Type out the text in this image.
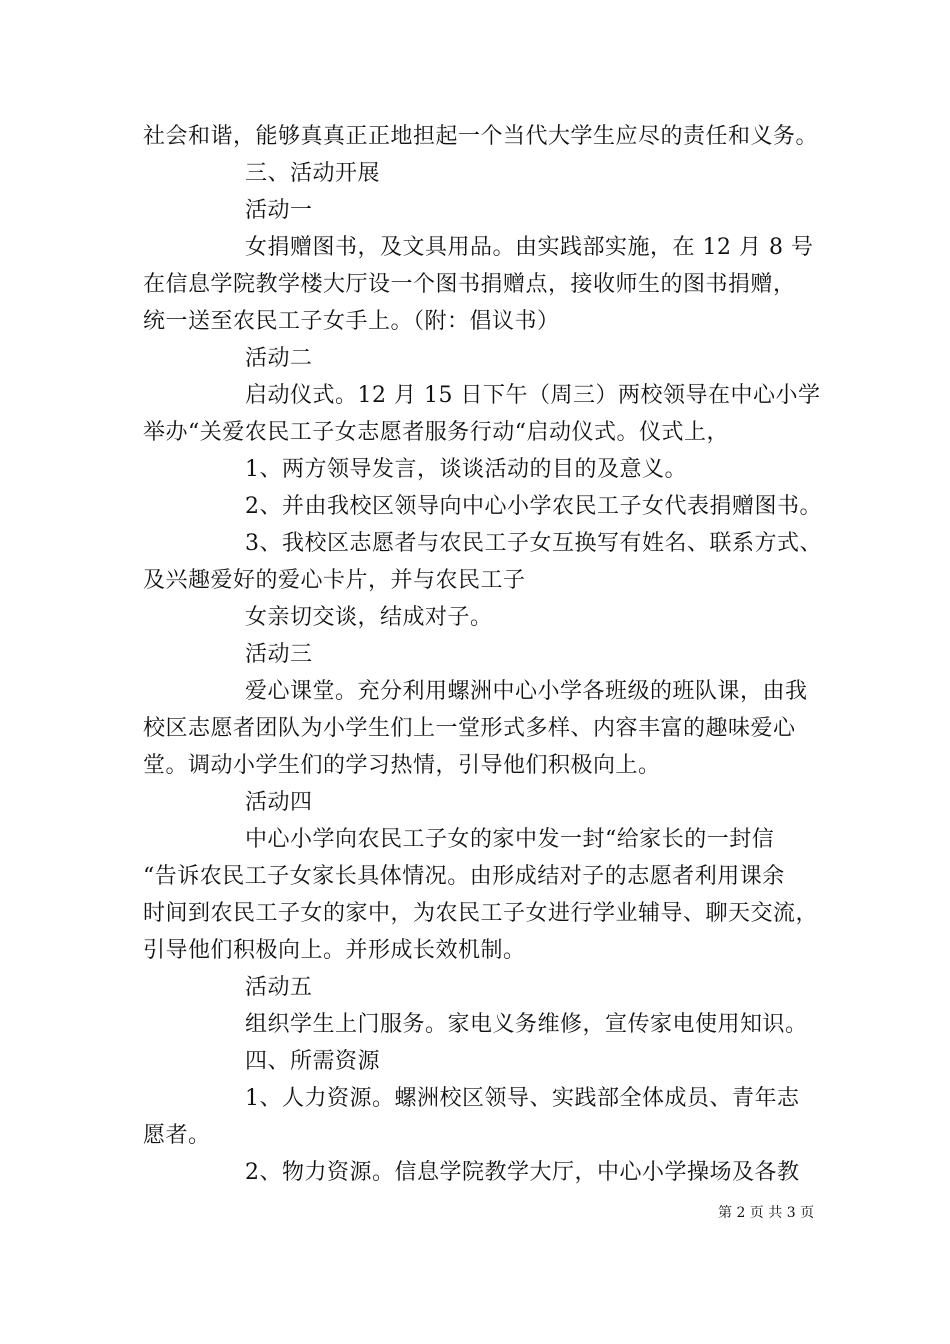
社会和谐，能够真真正正地担起一个当代大学生应尽的责任和义务。
三、活动开展
活动一
女捐赠图书，及文具用品。由实践部实施，在 12 月 8 号
在信息学院教学楼大厅设一个图书捐赠点，接收师生的图书捐赠，
统一送至农民工子女手上。（附：倡议书）
活动二
启动仪式。12 月 15 日下午（周三）两校领导在中心小学
举办“关爱农民工子女志愿者服务行动“启动仪式。仪式上，
1、两方领导发言，谈谈活动的目的及意义。
2、并由我校区领导向中心小学农民工子女代表捐赠图书。
3、我校区志愿者与农民工子女互换写有姓名、联系方式、
及兴趣爱好的爱心卡片，并与农民工子
女亲切交谈，结成对子。
活动三
爱心课堂。充分利用螺洲中心小学各班级的班队课，由我
校区志愿者团队为小学生们上一堂形式多样、内容丰富的趣味爱心
堂。调动小学生们的学习热情，引导他们积极向上。
活动四
中心小学向农民工子女的家中发一封“给家长的一封信
“告诉农民工子女家长具体情况。由形成结对子的志愿者利用课余
时间到农民工子女的家中，为农民工子女进行学业辅导、聊天交流，
引导他们积极向上。并形成长效机制。
活动五
组织学生上门服务。家电义务维修，宣传家电使用知识。
四、所需资源
1、人力资源。螺洲校区领导、实践部全体成员、青年志
愿者。
2、物力资源。信息学院教学大厅，中心小学操场及各教
第 2 页 共 3 页
